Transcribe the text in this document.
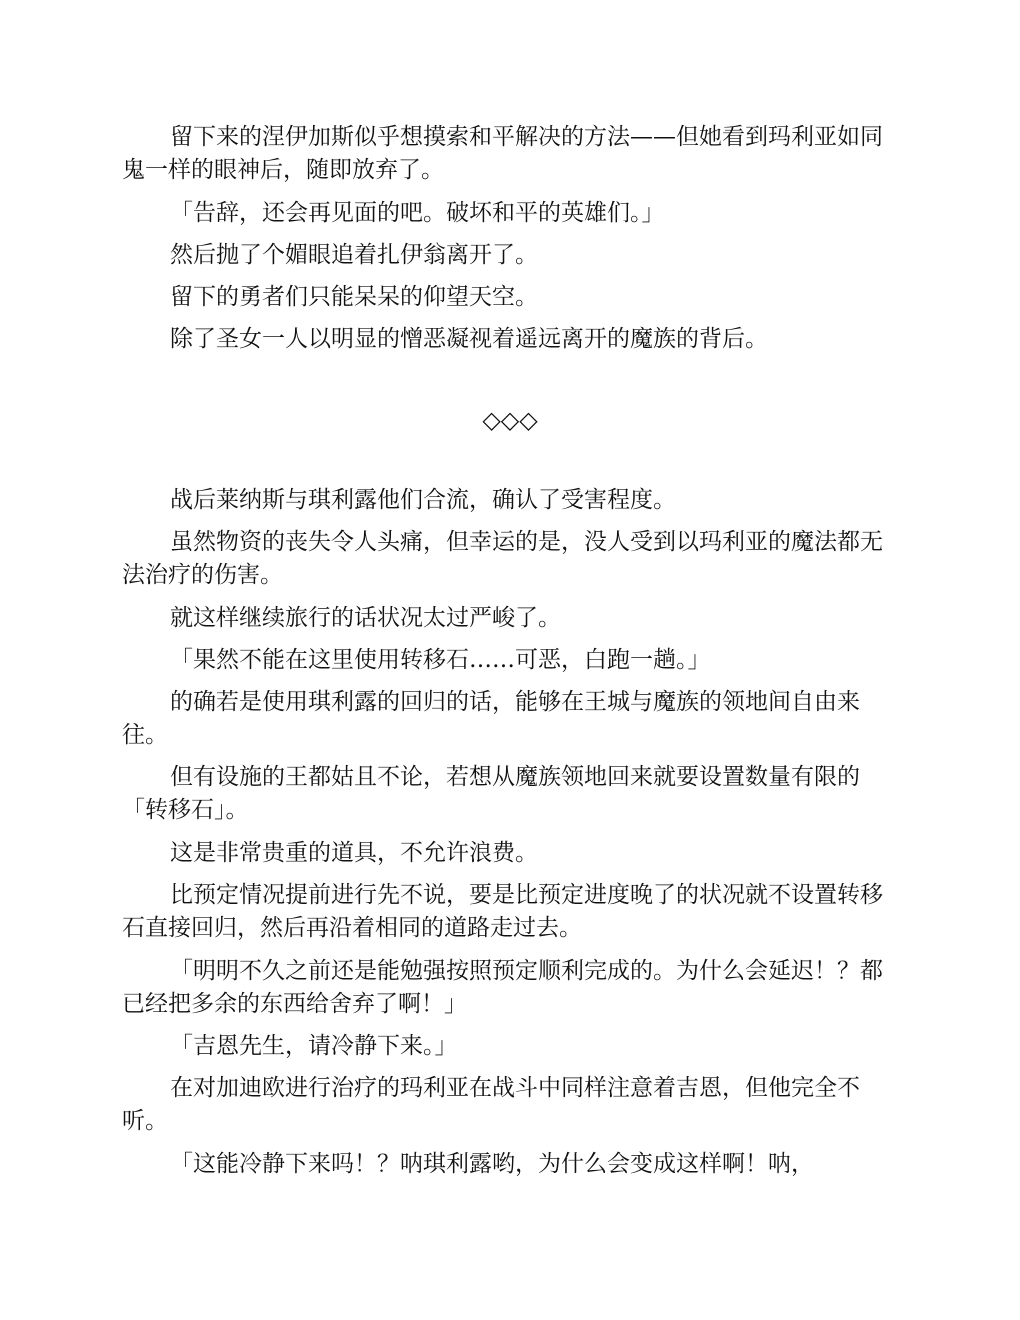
留下来的涅伊加斯似乎想摸索和平解决的方法——但她看到玛利亚如同鬼一样的眼神后，随即放弃了。

「告辞，还会再见面的吧。破坏和平的英雄们。」

然后抛了个媚眼追着扎伊翁离开了。

留下的勇者们只能呆呆的仰望天空。

除了圣女一人以明显的憎恶凝视着遥远离开的魔族的背后。

◇◇◇

战后莱纳斯与琪利露他们合流，确认了受害程度。

虽然物资的丧失令人头痛，但幸运的是，没人受到以玛利亚的魔法都无法治疗的伤害。

就这样继续旅行的话状况太过严峻了。

「果然不能在这里使用转移石……可恶，白跑一趟。」

的确若是使用琪利露的回归的话，能够在王城与魔族的领地间自由来往。

但有设施的王都姑且不论，若想从魔族领地回来就要设置数量有限的「转移石」。

这是非常贵重的道具，不允许浪费。

比预定情况提前进行先不说，要是比预定进度晚了的状况就不设置转移石直接回归，然后再沿着相同的道路走过去。

「明明不久之前还是能勉强按照预定顺利完成的。为什么会延迟！？都已经把多余的东西给舍弃了啊！」

「吉恩先生，请冷静下来。」

在对加迪欧进行治疗的玛利亚在战斗中同样注意着吉恩，但他完全不听。

「这能冷静下来吗！？呐琪利露哟，为什么会变成这样啊！呐，
